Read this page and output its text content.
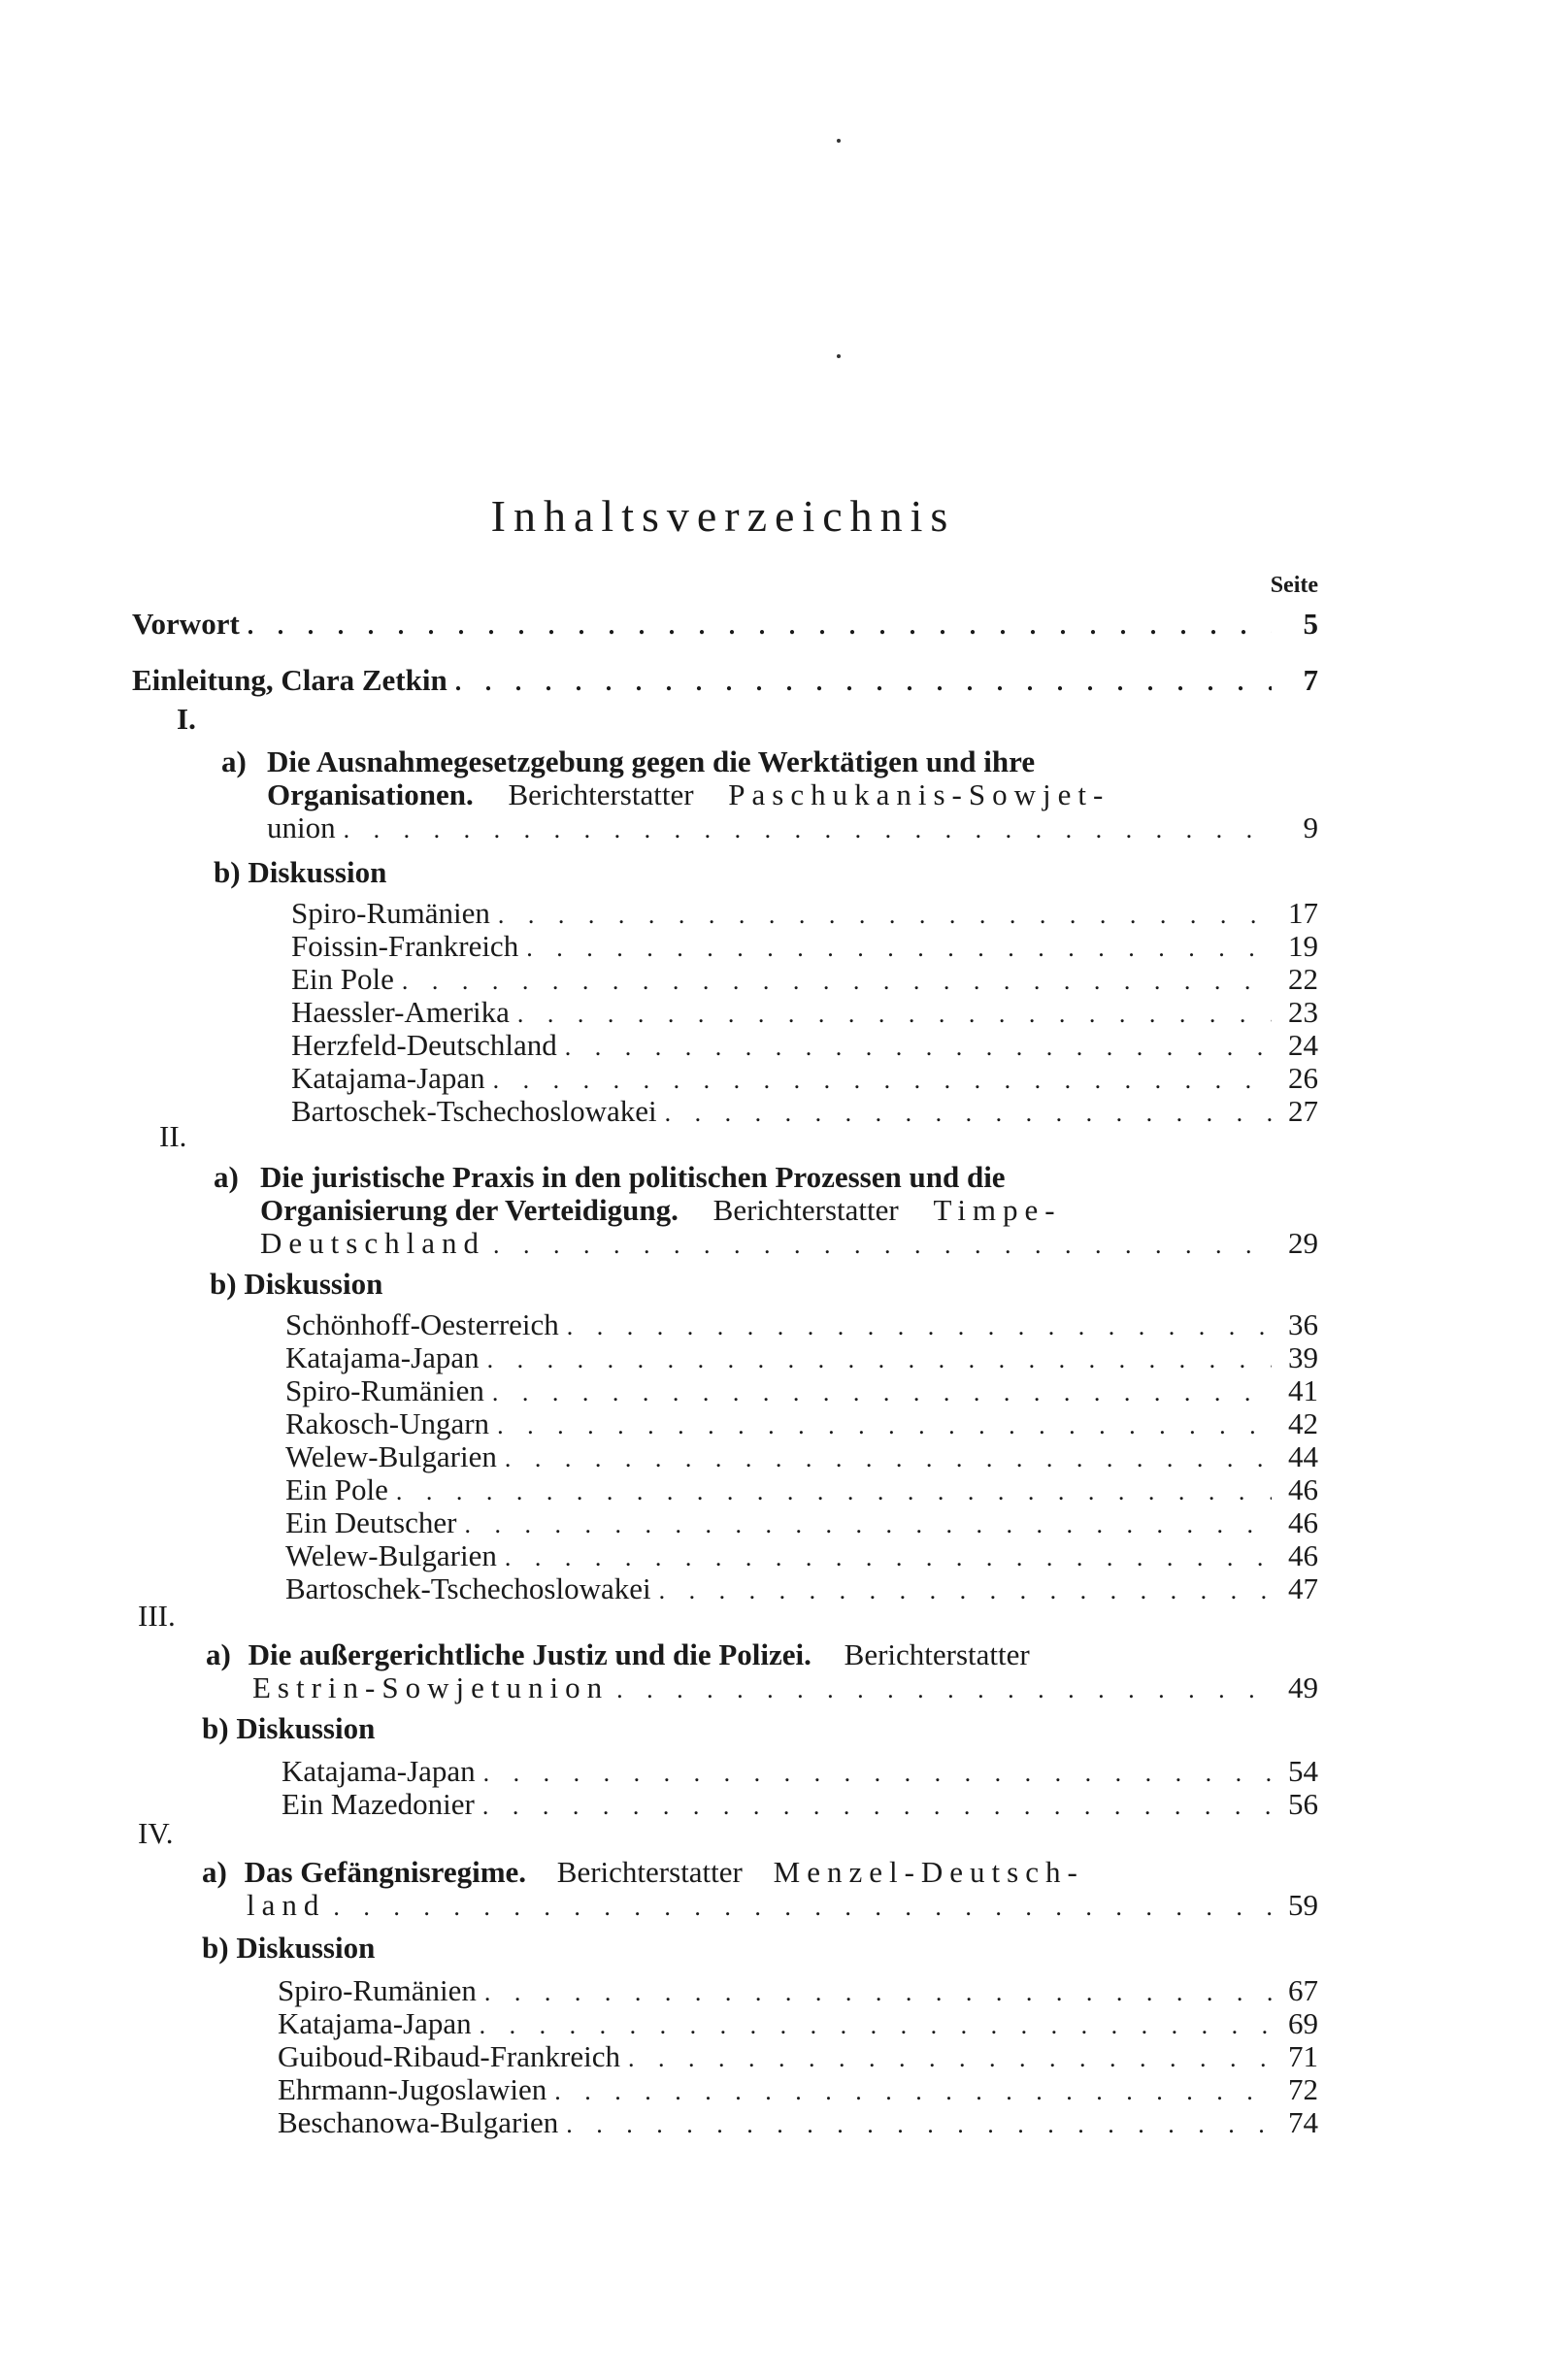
Inhaltsverzeichnis
Seite
Vorwort . . .	5
Einleitung, Clara Zetkin . . .	7
I.
a) Die Ausnahmegesetzgebung gegen die Werktätigen und ihre
Organisationen. Berichterstatter Paschukanis-Sowjet-
union . . .	9
b) Diskussion
Spiro-Rumänien . . .	17
Foissin-Frankreich . . .	19
Ein Pole . . .	22
Haessler-Amerika . . .	23
Herzfeld-Deutschland . . .	24
Katajama-Japan . . .	26
Bartoschek-Tschechoslowakei . . .	27
II.
a) Die juristische Praxis in den politischen Prozessen und die
Organisierung der Verteidigung. Berichterstatter Timpe-
Deutschland . . .	29
b) Diskussion
Schönhoff-Oesterreich . . .	36
Katajama-Japan . . .	39
Spiro-Rumänien . . .	41
Rakosch-Ungarn . . .	42
Welew-Bulgarien . . .	44
Ein Pole . . .	46
Ein Deutscher . . .	46
Welew-Bulgarien . . .	46
Bartoschek-Tschechoslowakei . . .	47
III.
a) Die außergerichtliche Justiz und die Polizei. Berichterstatter
Estrin-Sowjetunion . . .	49
b) Diskussion
Katajama-Japan . . .	54
Ein Mazedonier . . .	56
IV.
a) Das Gefängnisregime. Berichterstatter Menzel-Deutsch-
land . . .	59
b) Diskussion
Spiro-Rumänien . . .	67
Katajama-Japan . . .	69
Guiboud-Ribaud-Frankreich . . .	71
Ehrmann-Jugoslawien . . .	72
Beschanowa-Bulgarien . . .	74
